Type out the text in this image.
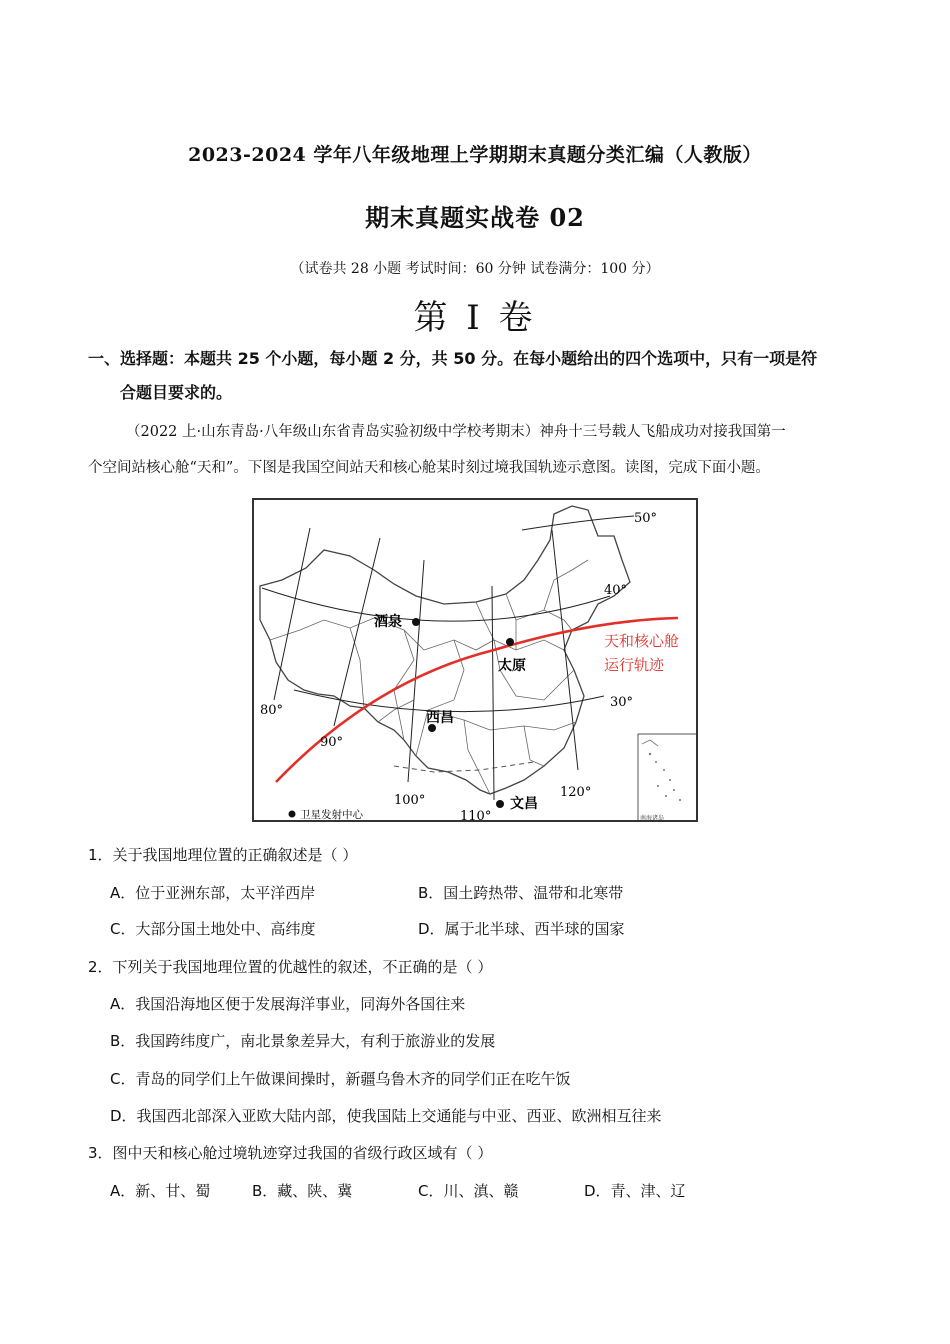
2023-2024 学年八年级地理上学期期末真题分类汇编（人教版）
期末真题实战卷 02
（试卷共 28 小题 考试时间：60 分钟 试卷满分：100 分）
第 I 卷
一、选择题：本题共 25 个小题，每小题 2 分，共 50 分。在每小题给出的四个选项中，只有一项是符
合题目要求的。
（2022 上·山东青岛·八年级山东省青岛实验初级中学校考期末）神舟十三号载人飞船成功对接我国第一
个空间站核心舱“天和”。下图是我国空间站天和核心舱某时刻过境我国轨迹示意图。读图，完成下面小题。
南海诸岛
50°
40°
30°
80°
90°
100°
110°
120°
酒泉
太原
西昌
文昌
天和核心舱
运行轨迹
卫星发射中心
1．关于我国地理位置的正确叙述是（ ）
A．位于亚洲东部，太平洋西岸	B．国土跨热带、温带和北寒带
C．大部分国土地处中、高纬度	D．属于北半球、西半球的国家
2．下列关于我国地理位置的优越性的叙述，不正确的是（ ）
A．我国沿海地区便于发展海洋事业，同海外各国往来
B．我国跨纬度广，南北景象差异大，有利于旅游业的发展
C．青岛的同学们上午做课间操时，新疆乌鲁木齐的同学们正在吃午饭
D．我国西北部深入亚欧大陆内部，使我国陆上交通能与中亚、西亚、欧洲相互往来
3．图中天和核心舱过境轨迹穿过我国的省级行政区域有（ ）
A．新、甘、蜀	B．藏、陕、冀	C．川、滇、赣	D．青、津、辽
